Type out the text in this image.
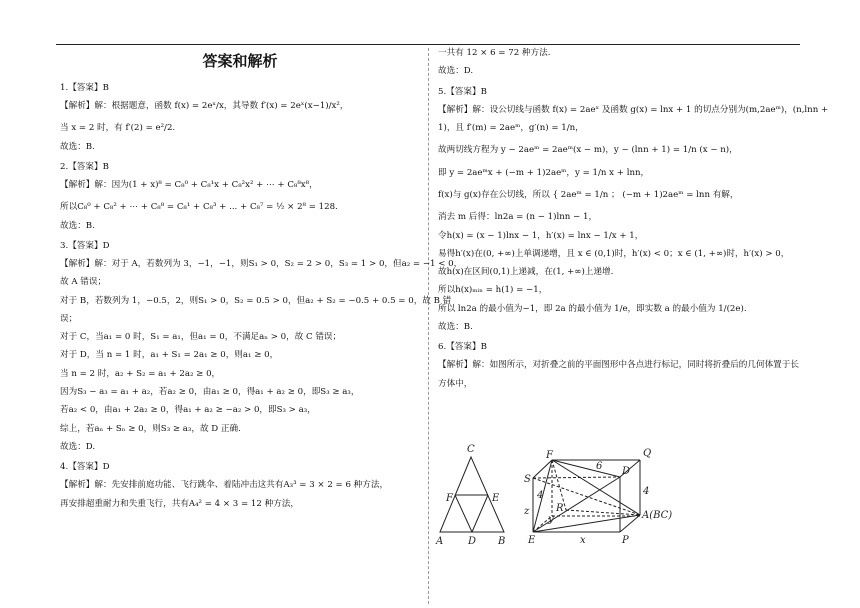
答案和解析

1.【答案】B

【解析】解：根据题意，函数 f(x) = 2eˣ/x，其导数 f′(x) = 2eˣ(x−1)/x²，

当 x = 2 时，有 f′(2) = e²/2.

故选：B.

2.【答案】B

【解析】解：因为(1 + x)⁸ = C₈⁰ + C₈¹x + C₈²x² + ⋯ + C₈⁸x⁸，

所以C₈⁰ + C₈² + ⋯ + C₈⁸ = C₈¹ + C₈³ + ... + C₈⁷ = ½ × 2⁸ = 128.

故选：B.

3.【答案】D

【解析】解：对于 A，若数列为 3，−1，−1，则S₁ > 0，S₂ = 2 > 0，S₃ = 1 > 0，但a₂ = −1 < 0，

故 A 错误；

对于 B，若数列为 1，−0.5，2，则S₁ > 0，S₂ = 0.5 > 0，但a₂ + S₂ = −0.5 + 0.5 = 0，故 B 错

误；

对于 C，当a₁ = 0 时，S₁ = a₁，但a₁ = 0，不满足aₙ > 0，故 C 错误；

对于 D，当 n = 1 时，a₁ + S₁ = 2a₁ ≥ 0，则a₁ ≥ 0，

当 n = 2 时，a₂ + S₂ = a₁ + 2a₂ ≥ 0，

因为S₃ − a₃ = a₁ + a₂，若a₂ ≥ 0，由a₁ ≥ 0，得a₁ + a₂ ≥ 0，即S₃ ≥ a₃，

若a₂ < 0，由a₁ + 2a₂ ≥ 0，得a₁ + a₂ ≥ −a₂ > 0，即S₃ > a₃，

综上，若aₙ + Sₙ ≥ 0，则S₃ ≥ a₃，故 D 正确.

故选：D.

4.【答案】D

【解析】解：先安排前庭功能、飞行跳伞、着陆冲击这共有A₃³ = 3 × 2 = 6 种方法，

再安排超重耐力和失重飞行，共有A₄² = 4 × 3 = 12 种方法，

一共有 12 × 6 = 72 种方法.

故选：D.

5.【答案】B

【解析】解：设公切线与函数 f(x) = 2aeˣ 及函数 g(x) = lnx + 1 的切点分别为(m,2aeᵐ)，(n,lnn +

1)，且 f′(m) = 2aeᵐ，g′(n) = 1/n，

故两切线方程为 y − 2aeᵐ = 2aeᵐ(x − m)，y − (lnn + 1) = 1/n (x − n)，

即 y = 2aeᵐx + (−m + 1)2aeᵐ，y = 1/n x + lnn，

f(x)与 g(x)存在公切线，所以 { 2aeᵐ = 1/n ； (−m + 1)2aeᵐ = lnn 有解，

消去 m 后得：ln2a = (n − 1)lnn − 1，

令h(x) = (x − 1)lnx − 1，h′(x) = lnx − 1/x + 1，

易得h′(x)在(0, +∞)上单调递增，且 x ∈ (0,1)时，h′(x) < 0；x ∈ (1, +∞)时，h′(x) > 0，

故h(x)在区间(0,1)上递减，在(1, +∞)上递增.

所以h(x)ₘᵢₙ = h(1) = −1，

所以 ln2a 的最小值为−1，即 2a 的最小值为 1/e，即实数 a 的最小值为 1/(2e).

故选：B.

6.【答案】B

【解析】解：如图所示，对折叠之前的平面图形中各点进行标记，同时将折叠后的几何体置于长

方体中，

C
F	E
A D B
F	Q
D
S
R
A(BC)
E	P
6
4	4
z
y
x
